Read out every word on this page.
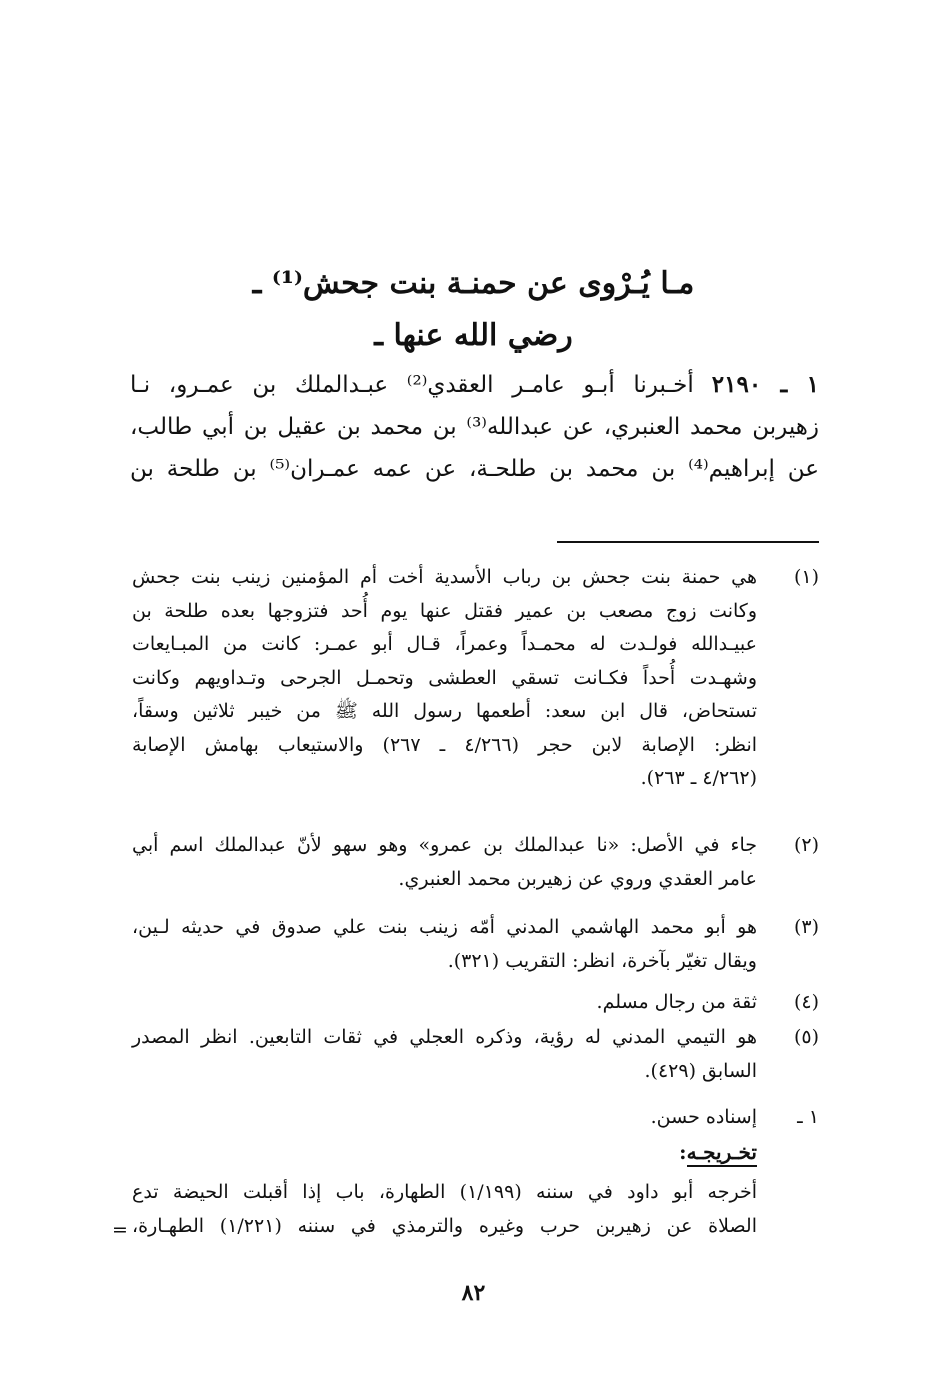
مـا يُـرْوى عن حمنـة بنت جحش⁽¹⁾ ـ
رضي الله عنها ـ
١ ـ ٢١٩٠أخـبرنا أبـو عامـر العقدي⁽²⁾ عبـدالملك بن عمـرو، نـا
زهيربن محمد العنبري، عن عبدالله⁽³⁾ بن محمد بن عقيل بن أبي طالب،
عن إبراهيم⁽⁴⁾ بن محمد بن طلحـة، عن عمه عمـران⁽⁵⁾ بن طلحة بن
(١)
هي حمنة بنت جحش بن رباب الأسدية أخت أم المؤمنين زينب بنت جحش
وكانت زوج مصعب بن عمير فقتل عنها يوم أُحد فتزوجها بعده طلحة بن
عبيـدالله فولـدت له محمـداً وعمراً، قـال أبو عمـر: كانت من المبـايعات
وشهـدت أُحداً فكـانت تسقي العطشى وتحمـل الجرحى وتـداويهم وكانت
تستحاض، قال ابن سعد: أطعمها رسول الله ﷺ من خيبر ثلاثين وسقاً،
انظر: الإصابة لابن حجر (٤/٢٦٦ ـ ٢٦٧) والاستيعاب بهامش الإصابة
(٤/٢٦٢ ـ ٢٦٣).
(٢)
جاء في الأصل: «نا عبدالملك بن عمرو» وهو سهو لأنّ عبدالملك اسم أبي
عامر العقدي وروي عن زهيربن محمد العنبري.
(٣)
هو أبو محمد الهاشمي المدني أمّه زينب بنت علي صدوق في حديثه لـين،
ويقال تغيّر بآخرة، انظر: التقريب (٣٢١).
(٤)
ثقة من رجال مسلم.
(٥)
هو التيمي المدني له رؤية، وذكره العجلي في ثقات التابعين. انظر المصدر
السابق (٤٢٩).
١ ـ
إسناده حسن.
تخـريجـه:
أخرجه أبو داود في سننه (١/١٩٩) الطهارة، باب إذا أقبلت الحيضة تدع
الصلاة عن زهيربن حرب وغيره والترمذي في سننه (١/٢٢١) الطهـارة،
=
٨٢
